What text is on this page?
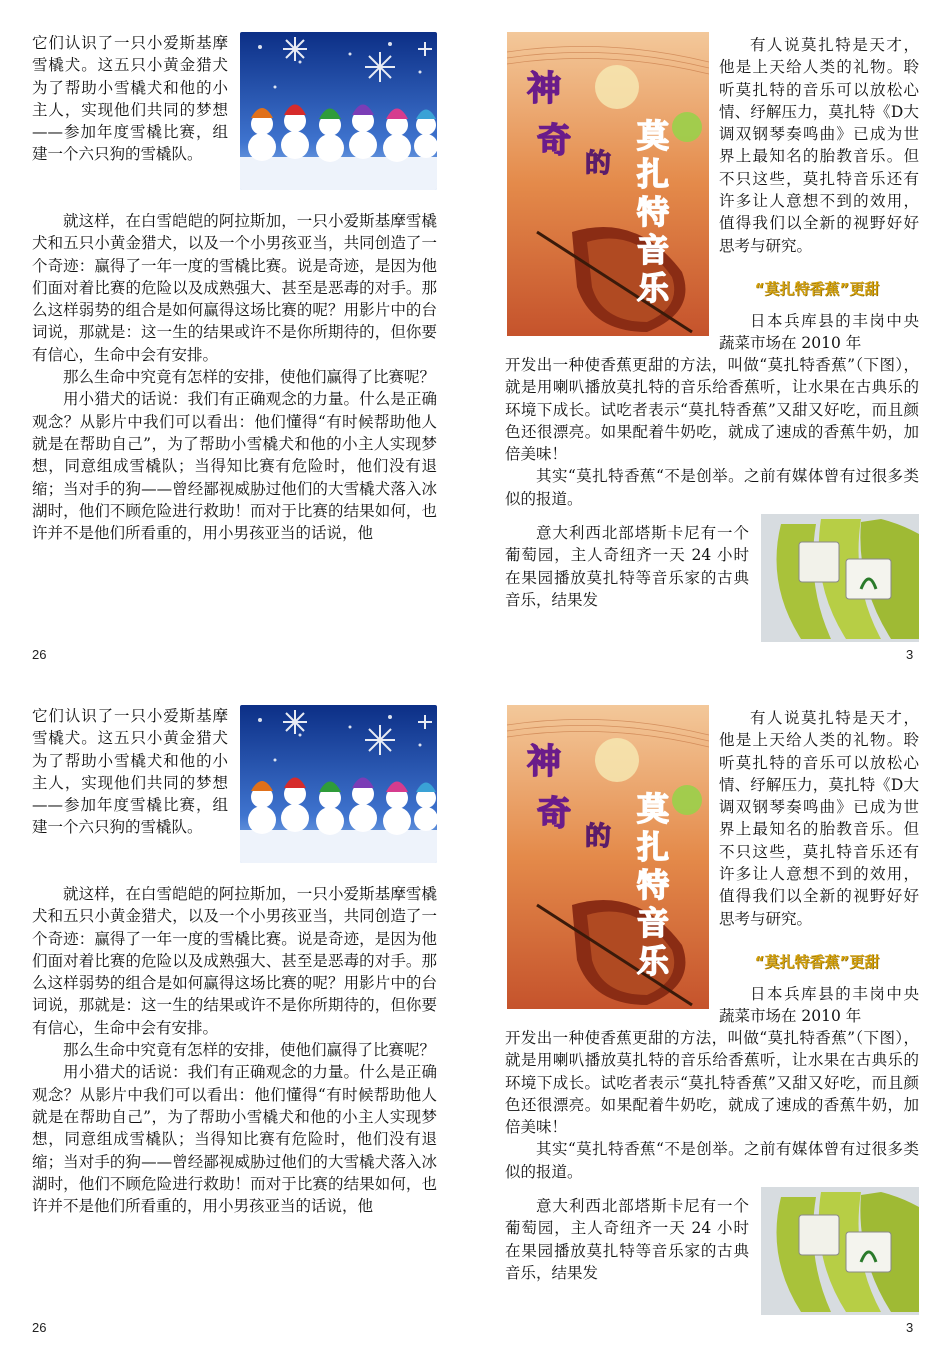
它们认识了一只小爱斯基摩雪橇犬。这五只小黄金猎犬为了帮助小雪橇犬和他的小主人，实现他们共同的梦想——参加年度雪橇比赛，组建一个六只狗的雪橇队。

就这样，在白雪皑皑的阿拉斯加，一只小爱斯基摩雪橇犬和五只小黄金猎犬，以及一个小男孩亚当，共同创造了一个奇迹：赢得了一年一度的雪橇比赛。说是奇迹，是因为他们面对着比赛的危险以及成熟强大、甚至是恶毒的对手。那么这样弱势的组合是如何赢得这场比赛的呢？用影片中的台词说，那就是：这一生的结果或许不是你所期待的，但你要有信心，生命中会有安排。

那么生命中究竟有怎样的安排，使他们赢得了比赛呢？

用小猎犬的话说：我们有正确观念的力量。什么是正确观念？从影片中我们可以看出：他们懂得“有时候帮助他人就是在帮助自己”，为了帮助小雪橇犬和他的小主人实现梦想，同意组成雪橇队；当得知比赛有危险时，他们没有退缩；当对手的狗——曾经鄙视威胁过他们的大雪橇犬落入冰湖时，他们不顾危险进行救助！而对于比赛的结果如何，也许并不是他们所看重的，用小男孩亚当的话说，他

26
神
奇
的
莫
扎
特
音
乐

有人说莫扎特是天才，他是上天给人类的礼物。聆听莫扎特的音乐可以放松心情、纾解压力，莫扎特《D大调双钢琴奏鸣曲》已成为世界上最知名的胎教音乐。但不只这些，莫扎特音乐还有许多让人意想不到的效用，值得我们以全新的视野好好思考与研究。

“莫扎特香蕉”更甜

日本兵库县的丰岗中央蔬菜市场在 2010 年

开发出一种使香蕉更甜的方法，叫做“莫扎特香蕉”（下图），就是用喇叭播放莫扎特的音乐给香蕉听，让水果在古典乐的环境下成长。试吃者表示“莫扎特香蕉”又甜又好吃，而且颜色还很漂亮。如果配着牛奶吃，就成了速成的香蕉牛奶，加倍美味！

其实“莫扎特香蕉“不是创举。之前有媒体曾有过很多类似的报道。

意大利西北部塔斯卡尼有一个葡萄园，主人奇纽齐一天 24 小时在果园播放莫扎特等音乐家的古典音乐，结果发

3

它们认识了一只小爱斯基摩雪橇犬。这五只小黄金猎犬为了帮助小雪橇犬和他的小主人，实现他们共同的梦想——参加年度雪橇比赛，组建一个六只狗的雪橇队。

就这样，在白雪皑皑的阿拉斯加，一只小爱斯基摩雪橇犬和五只小黄金猎犬，以及一个小男孩亚当，共同创造了一个奇迹：赢得了一年一度的雪橇比赛。说是奇迹，是因为他们面对着比赛的危险以及成熟强大、甚至是恶毒的对手。那么这样弱势的组合是如何赢得这场比赛的呢？用影片中的台词说，那就是：这一生的结果或许不是你所期待的，但你要有信心，生命中会有安排。

那么生命中究竟有怎样的安排，使他们赢得了比赛呢？

用小猎犬的话说：我们有正确观念的力量。什么是正确观念？从影片中我们可以看出：他们懂得“有时候帮助他人就是在帮助自己”，为了帮助小雪橇犬和他的小主人实现梦想，同意组成雪橇队；当得知比赛有危险时，他们没有退缩；当对手的狗——曾经鄙视威胁过他们的大雪橇犬落入冰湖时，他们不顾危险进行救助！而对于比赛的结果如何，也许并不是他们所看重的，用小男孩亚当的话说，他

26
神
奇
的
莫
扎
特
音
乐

有人说莫扎特是天才，他是上天给人类的礼物。聆听莫扎特的音乐可以放松心情、纾解压力，莫扎特《D大调双钢琴奏鸣曲》已成为世界上最知名的胎教音乐。但不只这些，莫扎特音乐还有许多让人意想不到的效用，值得我们以全新的视野好好思考与研究。

“莫扎特香蕉”更甜

日本兵库县的丰岗中央蔬菜市场在 2010 年

开发出一种使香蕉更甜的方法，叫做“莫扎特香蕉”（下图），就是用喇叭播放莫扎特的音乐给香蕉听，让水果在古典乐的环境下成长。试吃者表示“莫扎特香蕉”又甜又好吃，而且颜色还很漂亮。如果配着牛奶吃，就成了速成的香蕉牛奶，加倍美味！

其实“莫扎特香蕉“不是创举。之前有媒体曾有过很多类似的报道。

意大利西北部塔斯卡尼有一个葡萄园，主人奇纽齐一天 24 小时在果园播放莫扎特等音乐家的古典音乐，结果发

3
